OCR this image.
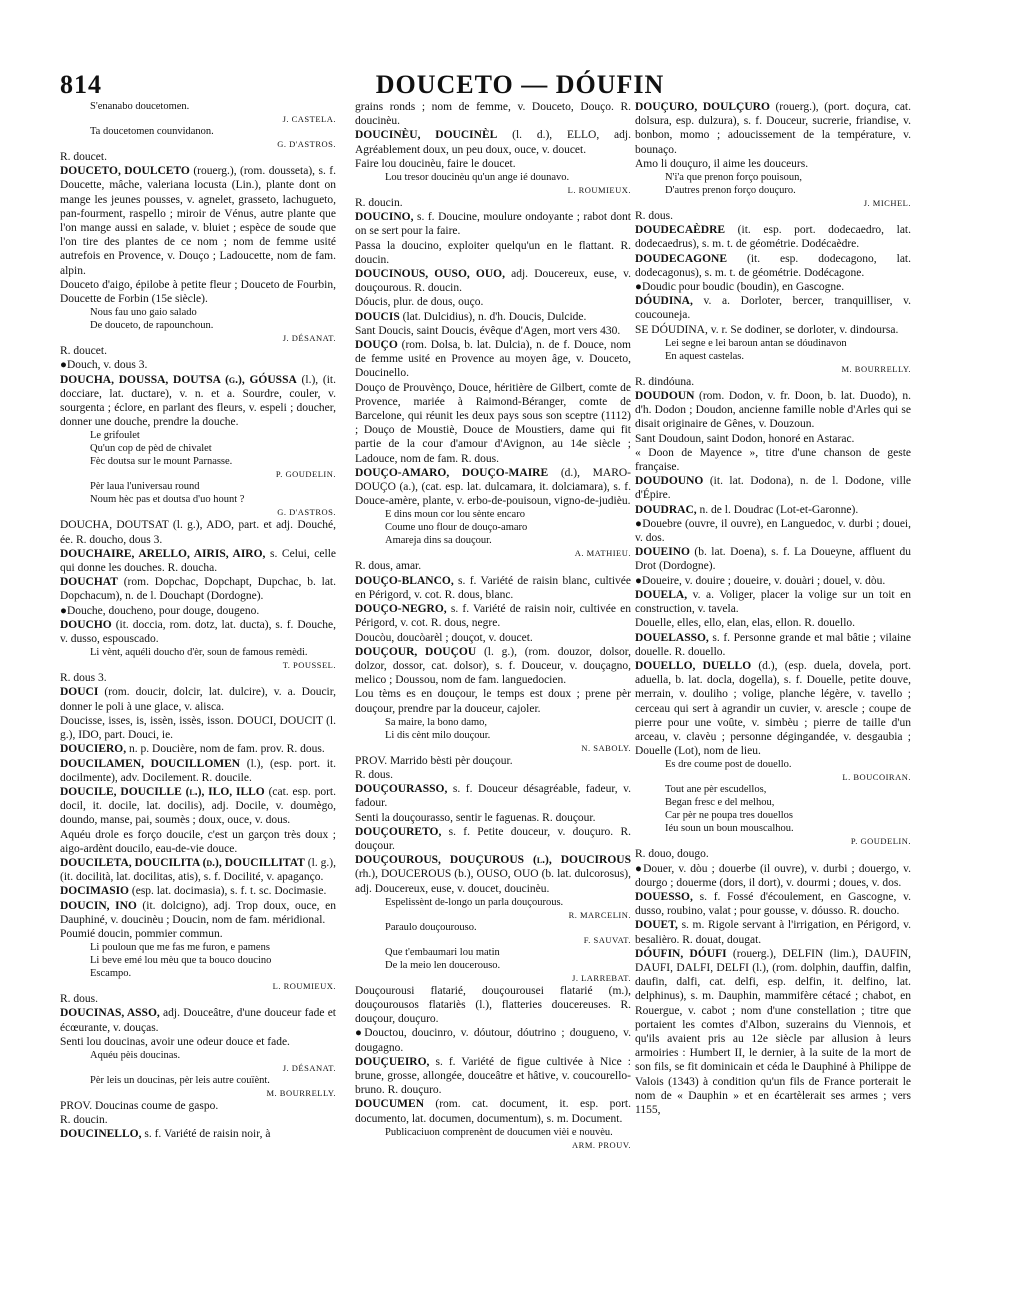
814	DOUCETO — DÓUFIN

S'enanabo doucetomen.

J. CASTELA.

Ta doucetomen counvidanon.

G. D'ASTROS.

R. doucet.

DOUCETO, DOULCETO (rouerg.), (rom. dousseta), s. f. Doucette, mâche, valeriana locusta (Lin.), plante dont on mange les jeunes pousses, v. agnelet, grasseto, lachugueto, pan-fourment, raspello ; miroir de Vénus, autre plante que l'on mange aussi en salade, v. bluiet ; espèce de soude que l'on tire des plantes de ce nom ; nom de femme usité autrefois en Provence, v. Douço ; Ladoucette, nom de fam. alpin.

Douceto d'aigo, épilobe à petite fleur ; Douceto de Fourbin, Doucette de Forbin (15e siècle).

Nous fau uno gaio salado

De douceto, de rapounchoun.

J. DÉSANAT.

R. doucet.

●Douch, v. dous 3.

DOUCHA, DOUSSA, DOUTSA (g.), GÓUSSA (l.), (it. docciare, lat. ductare), v. n. et a. Sourdre, couler, v. sourgenta ; éclore, en parlant des fleurs, v. espeli ; doucher, donner une douche, prendre la douche.

Le grifoulet

Qu'un cop de pèd de chivalet

Fèc doutsa sur le mount Parnasse.

P. GOUDELIN.

Pèr laua l'universau round

Noum hèc pas et doutsa d'uo hount ?

G. D'ASTROS.

DOUCHA, DOUTSAT (l. g.), ADO, part. et adj. Douché, ée. R. doucho, dous 3.

DOUCHAIRE, ARELLO, AIRIS, AIRO, s. Celui, celle qui donne les douches. R. doucha.

DOUCHAT (rom. Dopchac, Dopchapt, Dupchac, b. lat. Dopchacum), n. de l. Douchapt (Dordogne).

●Douche, doucheno, pour douge, dougeno.

DOUCHO (it. doccia, rom. dotz, lat. ducta), s. f. Douche, v. dusso, espouscado.

Li vènt, aquéli doucho d'èr, soun de famous remèdi.

T. POUSSEL.

R. dous 3.

DOUCI (rom. doucir, dolcir, lat. dulcire), v. a. Doucir, donner le poli à une glace, v. alisca.

Doucisse, isses, is, issèn, issès, isson. DOUCI, DOUCIT (l. g.), IDO, part. Douci, ie.

DOUCIERO, n. p. Doucière, nom de fam. prov. R. dous.

DOUCILAMEN, DOUCILLOMEN (l.), (esp. port. it. docilmente), adv. Docilement. R. doucile.

DOUCILE, DOUCILLE (l.), ILO, ILLO (cat. esp. port. docil, it. docile, lat. docilis), adj. Docile, v. doumègo, doundo, manse, pai, soumès ; doux, ouce, v. dous.

Aquéu drole es forço doucile, c'est un garçon très doux ; aigo-ardènt doucilo, eau-de-vie douce.

DOUCILETA, DOUCILITA (d.), DOUCILLITAT (l. g.), (it. docilità, lat. docilitas, atis), s. f. Docilité, v. apaganço.

DOCIMASIO (esp. lat. docimasia), s. f. t. sc. Docimasie.

DOUCIN, INO (it. dolcigno), adj. Trop doux, ouce, en Dauphiné, v. doucinèu ; Doucin, nom de fam. méridional.

Poumié doucin, pommier commun.

Li pouloun que me fas me furon, e pamens

Li beve emé lou mèu que ta bouco doucino

Escampo.

L. ROUMIEUX.

R. dous.

DOUCINAS, ASSO, adj. Douceâtre, d'une douceur fade et écœurante, v. douças.

Senti lou doucinas, avoir une odeur douce et fade.

Aquéu pèis doucinas.

J. DÉSANAT.

Pèr leis un doucinas, pèr leis autre couïènt.

M. BOURRELLY.

PROV. Doucinas coume de gaspo.

R. doucin.

DOUCINELLO, s. f. Variété de raisin noir, à

grains ronds ; nom de femme, v. Douceto, Douço. R. doucinèu.

DOUCINÈU, DOUCINÈL (l. d.), ELLO, adj. Agréablement doux, un peu doux, ouce, v. doucet.

Faire lou doucinèu, faire le doucet.

Lou tresor doucinèu qu'un ange ié dounavo.

L. ROUMIEUX.

R. doucin.

DOUCINO, s. f. Doucine, moulure ondoyante ; rabot dont on se sert pour la faire.

Passa la doucino, exploiter quelqu'un en le flattant. R. doucin.

DOUCINOUS, OUSO, OUO, adj. Doucereux, euse, v. douçourous. R. doucin.

Dóucis, plur. de dous, ouço.

DOUCIS (lat. Dulcidius), n. d'h. Doucis, Dulcide.

Sant Doucis, saint Doucis, évêque d'Agen, mort vers 430.

DOUÇO (rom. Dolsa, b. lat. Dulcia), n. de f. Douce, nom de femme usité en Provence au moyen âge, v. Douceto, Doucinello.

Douço de Prouvènço, Douce, héritière de Gilbert, comte de Provence, mariée à Raimond-Béranger, comte de Barcelone, qui réunit les deux pays sous son sceptre (1112) ; Douço de Moustiè, Douce de Moustiers, dame qui fit partie de la cour d'amour d'Avignon, au 14e siècle ; Ladouce, nom de fam. R. dous.

DOUÇO-AMARO, DOUÇO-MAIRE (d.), MARO-DOUÇO (a.), (cat. esp. lat. dulcamara, it. dolciamara), s. f. Douce-amère, plante, v. erbo-de-pouisoun, vigno-de-judièu.

E dins moun cor lou sènte encaro

Coume uno flour de douço-amaro

Amareja dins sa douçour.

A. MATHIEU.

R. dous, amar.

DOUÇO-BLANCO, s. f. Variété de raisin blanc, cultivée en Périgord, v. cot. R. dous, blanc.

DOUÇO-NEGRO, s. f. Variété de raisin noir, cultivée en Périgord, v. cot. R. dous, negre.

Doucòu, doucòarèl ; douçot, v. doucet.

DOUÇOUR, DOUÇOU (l. g.), (rom. douzor, dolsor, dolzor, dossor, cat. dolsor), s. f. Douceur, v. douçagno, melico ; Doussou, nom de fam. languedocien.

Lou tèms es en douçour, le temps est doux ; prene pèr douçour, prendre par la douceur, cajoler.

Sa maire, la bono damo,

Li dis cènt milo douçour.

N. SABOLY.

PROV. Marrido bèsti pèr douçour.

R. dous.

DOUÇOURASSO, s. f. Douceur désagréable, fadeur, v. fadour.

Senti la douçourasso, sentir le faguenas. R. douçour.

DOUÇOURETO, s. f. Petite douceur, v. douçuro. R. douçour.

DOUÇOUROUS, DOUÇUROUS (l.), DOUCIROUS (rh.), DOUCEROUS (b.), OUSO, OUO (b. lat. dulcorosus), adj. Doucereux, euse, v. doucet, doucinèu.

Espelissènt de-longo un parla douçourous.

R. MARCELIN.

Paraulo douçourouso.

F. SAUVAT.

Que t'embaumari lou matin

De la meio len doucerouso.

J. LARREBAT.

Douçourousi flatarié, douçourousei flatarié (m.), douçourousos flatariès (l.), flatteries doucereuses. R. douçour, douçuro.

●Douctou, doucinro, v. dóutour, dóutrino ; dougueno, v. dougagno.

DOUÇUEIRO, s. f. Variété de figue cultivée à Nice : brune, grosse, allongée, douceâtre et hâtive, v. coucourello-bruno. R. douçuro.

DOUCUMEN (rom. cat. document, it. esp. port. documento, lat. documen, documentum), s. m. Document.

Publicaciuon comprenènt de doucumen vièi e nouvèu.

ARM. PROUV.

DOUÇURO, DOULÇURO (rouerg.), (port. doçura, cat. dolsura, esp. dulzura), s. f. Douceur, sucrerie, friandise, v. bonbon, momo ; adoucissement de la température, v. bounaço.

Amo li douçuro, il aime les douceurs.

N'i'a que prenon forço pouisoun,

D'autres prenon forço douçuro.

J. MICHEL.

R. dous.

DOUDECAÈDRE (it. esp. port. dodecaedro, lat. dodecaedrus), s. m. t. de géométrie. Dodécaèdre.

DOUDECAGONE (it. esp. dodecagono, lat. dodecagonus), s. m. t. de géométrie. Dodécagone.

●Doudic pour boudic (boudin), en Gascogne.

DÓUDINA, v. a. Dorloter, bercer, tranquilliser, v. coucouneja.

SE DÓUDINA, v. r. Se dodiner, se dorloter, v. dindoursa.

Lei segne e lei baroun antan se dóudinavon

En aquest castelas.

M. BOURRELLY.

R. dindóuna.

DOUDOUN (rom. Dodon, v. fr. Doon, b. lat. Duodo), n. d'h. Dodon ; Doudon, ancienne famille noble d'Arles qui se disait originaire de Gênes, v. Douzoun.

Sant Doudoun, saint Dodon, honoré en Astarac.

« Doon de Mayence », titre d'une chanson de geste française.

DOUDOUNO (it. lat. Dodona), n. de l. Dodone, ville d'Épire.

DOUDRAC, n. de l. Doudrac (Lot-et-Garonne).

●Douebre (ouvre, il ouvre), en Languedoc, v. durbi ; douei, v. dos.

DOUEINO (b. lat. Doena), s. f. La Doueyne, affluent du Drot (Dordogne).

●Doueire, v. douire ; doueire, v. douàri ; douel, v. dòu.

DOUELA, v. a. Voliger, placer la volige sur un toit en construction, v. tavela.

Douelle, elles, ello, elan, elas, ellon. R. douello.

DOUELASSO, s. f. Personne grande et mal bâtie ; vilaine douelle. R. douello.

DOUELLO, DUELLO (d.), (esp. duela, dovela, port. aduella, b. lat. docla, dogella), s. f. Douelle, petite douve, merrain, v. douliho ; volige, planche légère, v. tavello ; cerceau qui sert à agrandir un cuvier, v. arescle ; coupe de pierre pour une voûte, v. simbèu ; pierre de taille d'un arceau, v. clavèu ; personne dégingandée, v. desgaubia ; Douelle (Lot), nom de lieu.

Es dre coume post de douello.

L. BOUCOIRAN.

Tout ane pèr escudellos,

Began fresc e del melhou,

Car pèr ne poupa tres douellos

Iéu soun un boun mouscalhou.

P. GOUDELIN.

R. douo, dougo.

●Douer, v. dòu ; douerbe (il ouvre), v. durbi ; douergo, v. dourgo ; douerme (dors, il dort), v. dourmi ; doues, v. dos.

DOUESSO, s. f. Fossé d'écoulement, en Gascogne, v. dusso, roubino, valat ; pour gousse, v. dóusso. R. doucho.

DOUET, s. m. Rigole servant à l'irrigation, en Périgord, v. besalièro. R. douat, dougat.

DÓUFIN, DÓUFI (rouerg.), DELFIN (lim.), DAUFIN, DAUFI, DALFI, DELFI (l.), (rom. dolphin, dauffin, dalfin, daufin, dalfi, cat. delfi, esp. delfin, it. delfino, lat. delphinus), s. m. Dauphin, mammifère cétacé ; chabot, en Rouergue, v. cabot ; nom d'une constellation ; titre que portaient les comtes d'Albon, suzerains du Viennois, et qu'ils avaient pris au 12e siècle par allusion à leurs armoiries : Humbert II, le dernier, à la suite de la mort de son fils, se fit dominicain et céda le Dauphiné à Philippe de Valois (1343) à condition qu'un fils de France porterait le nom de « Dauphin » et en écartèlerait ses armes ; vers 1155,
